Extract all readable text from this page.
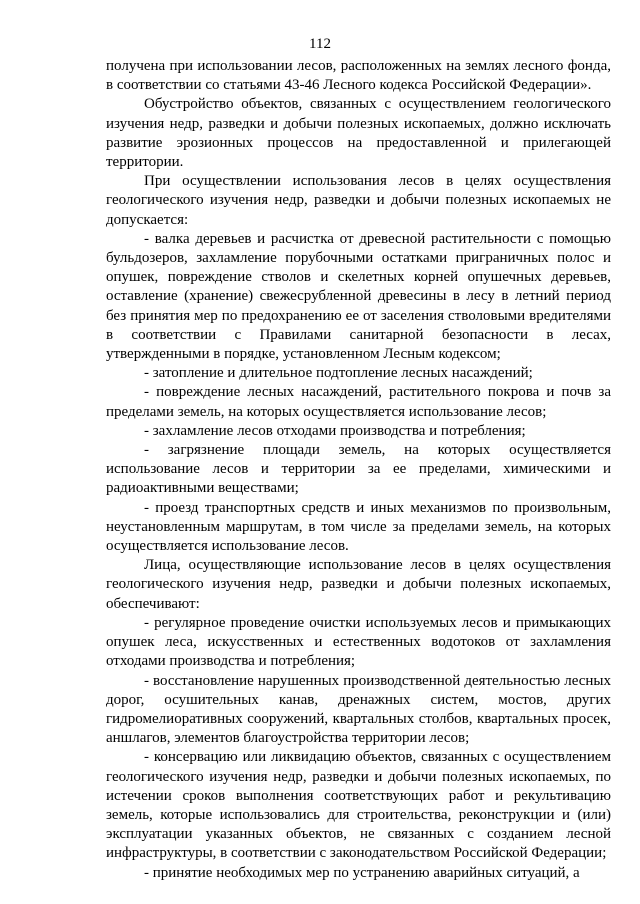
112

получена при использовании лесов, расположенных на землях лесного фонда, в соответствии со статьями 43-46 Лесного кодекса Российской Федерации».

Обустройство объектов, связанных с осуществлением геологического изучения недр, разведки и добычи полезных ископаемых, должно исключать развитие эрозионных процессов на предоставленной и прилегающей территории.

При осуществлении использования лесов в целях осуществления геологического изучения недр, разведки и добычи полезных ископаемых не допускается:

- валка деревьев и расчистка от древесной растительности с помощью бульдозеров, захламление порубочными остатками приграничных полос и опушек, повреждение стволов и скелетных корней опушечных деревьев, оставление (хранение) свежесрубленной древесины в лесу в летний период без принятия мер по предохранению ее от заселения стволовыми вредителями в соответствии с Правилами санитарной безопасности в лесах, утвержденными в порядке, установленном Лесным кодексом;

- затопление и длительное подтопление лесных насаждений;

- повреждение лесных насаждений, растительного покрова и почв за пределами земель, на которых осуществляется использование лесов;

- захламление лесов отходами производства и потребления;

- загрязнение площади земель, на которых осуществляется использование лесов и территории за ее пределами, химическими и радиоактивными веществами;

- проезд транспортных средств и иных механизмов по произвольным, неустановленным маршрутам, в том числе за пределами земель, на которых осуществляется использование лесов.

Лица, осуществляющие использование лесов в целях осуществления геологического изучения недр, разведки и добычи полезных ископаемых, обеспечивают:

- регулярное проведение очистки используемых лесов и примыкающих опушек леса, искусственных и естественных водотоков от захламления отходами производства и потребления;

- восстановление нарушенных производственной деятельностью лесных дорог, осушительных канав, дренажных систем, мостов, других гидромелиоративных сооружений, квартальных столбов, квартальных просек, аншлагов, элементов благоустройства территории лесов;

- консервацию или ликвидацию объектов, связанных с осуществлением геологического изучения недр, разведки и добычи полезных ископаемых, по истечении сроков выполнения соответствующих работ и рекультивацию земель, которые использовались для строительства, реконструкции и (или) эксплуатации указанных объектов, не связанных с созданием лесной инфраструктуры, в соответствии с законодательством Российской Федерации;

- принятие необходимых мер по устранению аварийных ситуаций, а
